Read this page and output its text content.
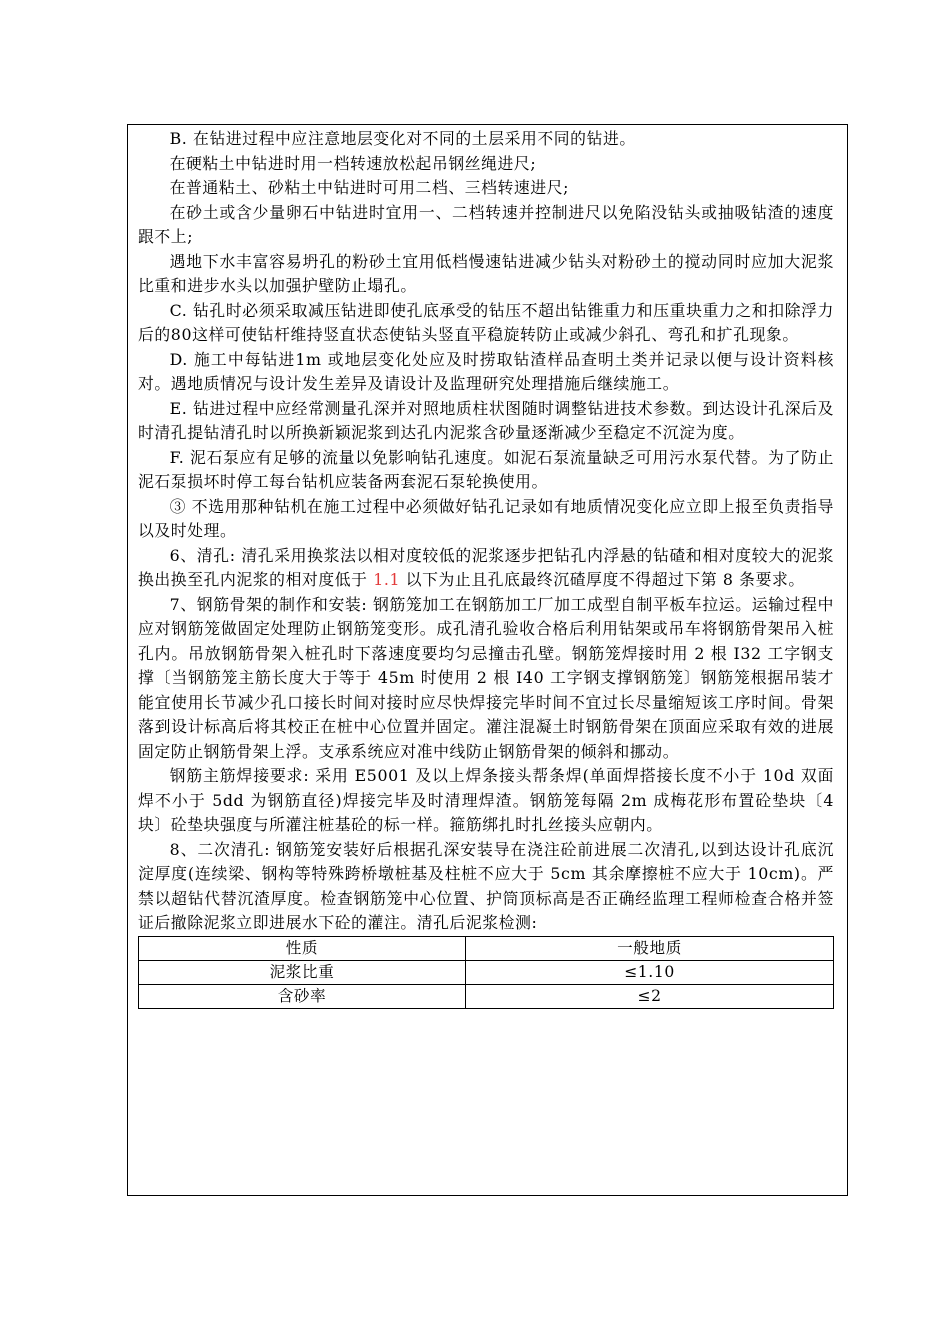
B. 在钻进过程中应注意地层变化对不同的土层采用不同的钻进。

在硬粘土中钻进时用一档转速放松起吊钢丝绳进尺;

在普通粘土、砂粘土中钻进时可用二档、三档转速进尺;

在砂土或含少量卵石中钻进时宜用一、二档转速并控制进尺以免陷没钻头或抽吸钻渣的速度跟不上;

遇地下水丰富容易坍孔的粉砂土宜用低档慢速钻进减少钻头对粉砂土的搅动同时应加大泥浆比重和进步水头以加强护壁防止塌孔。

C. 钻孔时必须采取减压钻进即使孔底承受的钻压不超出钻锥重力和压重块重力之和扣除浮力后的80这样可使钻杆维持竖直状态使钻头竖直平稳旋转防止或减少斜孔、弯孔和扩孔现象。

D. 施工中每钻进1m 或地层变化处应及时捞取钻渣样品查明土类并记录以便与设计资料核对。遇地质情况与设计发生差异及请设计及监理研究处理措施后继续施工。

E. 钻进过程中应经常测量孔深并对照地质柱状图随时调整钻进技术参数。到达设计孔深后及时清孔提钻清孔时以所换新颖泥浆到达孔内泥浆含砂量逐渐减少至稳定不沉淀为度。

F. 泥石泵应有足够的流量以免影响钻孔速度。如泥石泵流量缺乏可用污水泵代替。为了防止泥石泵损坏时停工每台钻机应装备两套泥石泵轮换使用。

③ 不选用那种钻机在施工过程中必须做好钻孔记录如有地质情况变化应立即上报至负责指导以及时处理。

6、清孔: 清孔采用换浆法以相对度较低的泥浆逐步把钻孔内浮悬的钻碴和相对度较大的泥浆换出换至孔内泥浆的相对度低于 1.1 以下为止且孔底最终沉碴厚度不得超过下第 8 条要求。

7、钢筋骨架的制作和安装: 钢筋笼加工在钢筋加工厂加工成型自制平板车拉运。运输过程中应对钢筋笼做固定处理防止钢筋笼变形。成孔清孔验收合格后利用钻架或吊车将钢筋骨架吊入桩孔内。吊放钢筋骨架入桩孔时下落速度要均匀忌撞击孔壁。钢筋笼焊接时用 2 根 I32 工字钢支撑〔当钢筋笼主筋长度大于等于 45m 时使用 2 根 I40 工字钢支撑钢筋笼〕钢筋笼根据吊装才能宜使用长节减少孔口接长时间对接时应尽快焊接完毕时间不宜过长尽量缩短该工序时间。骨架落到设计标高后将其校正在桩中心位置并固定。灌注混凝土时钢筋骨架在顶面应采取有效的进展固定防止钢筋骨架上浮。支承系统应对准中线防止钢筋骨架的倾斜和挪动。

钢筋主筋焊接要求: 采用 E5001 及以上焊条接头帮条焊(单面焊搭接长度不小于 10d 双面焊不小于 5dd 为钢筋直径)焊接完毕及时清理焊渣。钢筋笼每隔 2m 成梅花形布置砼垫块〔4 块〕砼垫块强度与所灌注桩基砼的标一样。箍筋绑扎时扎丝接头应朝内。

8、二次清孔: 钢筋笼安装好后根据孔深安装导在浇注砼前进展二次清孔,以到达设计孔底沉淀厚度(连续梁、钢构等特殊跨桥墩桩基及柱桩不应大于 5cm 其余摩擦桩不应大于 10cm)。严禁以超钻代替沉渣厚度。检查钢筋笼中心位置、护筒顶标高是否正确经监理工程师检查合格并签证后撤除泥浆立即进展水下砼的灌注。清孔后泥浆检测:

性质	一般地质
泥浆比重	≤1.10
含砂率	≤2
